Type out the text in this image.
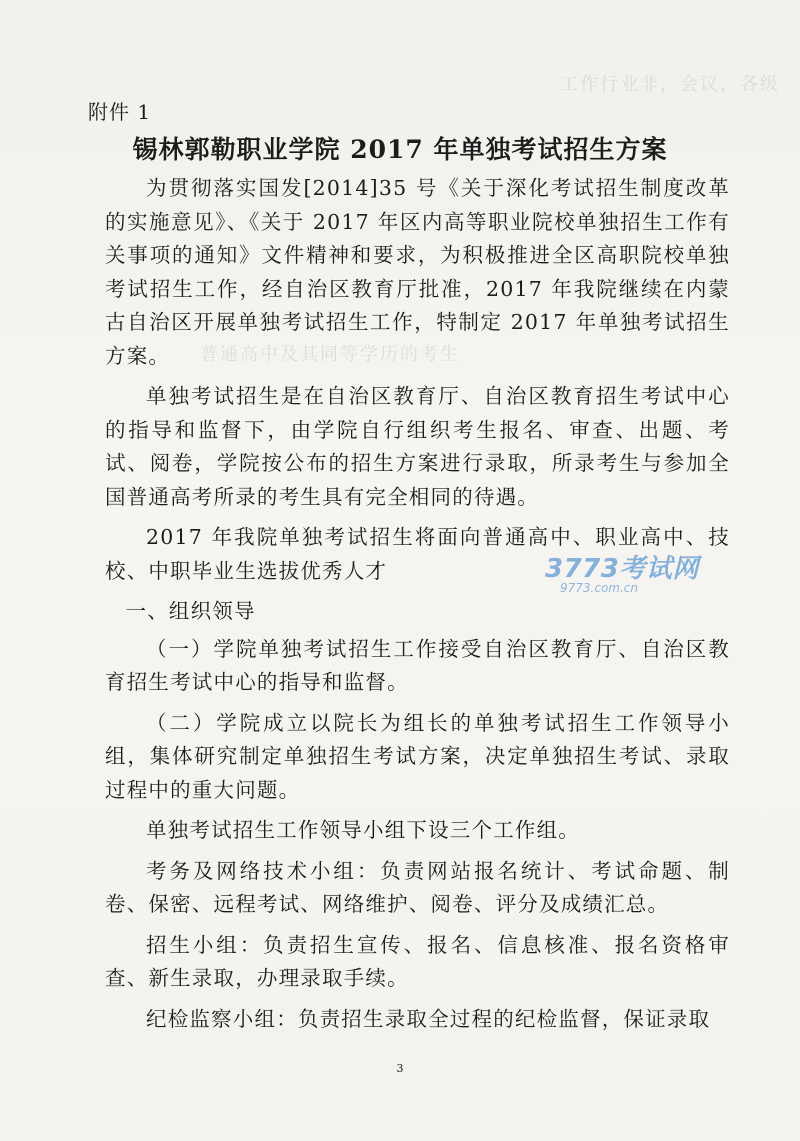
工作行业非，会议，各级
普通高中及其同等学历的考生
附件 1
锡林郭勒职业学院 2017 年单独考试招生方案

为贯彻落实国发[2014]35 号《关于深化考试招生制度改革的实施意见》、《关于 2017 年区内高等职业院校单独招生工作有关事项的通知》文件精神和要求，为积极推进全区高职院校单独考试招生工作，经自治区教育厅批准，2017 年我院继续在内蒙古自治区开展单独考试招生工作，特制定 2017 年单独考试招生方案。

单独考试招生是在自治区教育厅、自治区教育招生考试中心的指导和监督下，由学院自行组织考生报名、审查、出题、考试、阅卷，学院按公布的招生方案进行录取，所录考生与参加全国普通高考所录的考生具有完全相同的待遇。

2017 年我院单独考试招生将面向普通高中、职业高中、技校、中职毕业生选拔优秀人才

一、组织领导

（一）学院单独考试招生工作接受自治区教育厅、自治区教育招生考试中心的指导和监督。

（二）学院成立以院长为组长的单独考试招生工作领导小组，集体研究制定单独招生考试方案，决定单独招生考试、录取过程中的重大问题。

单独考试招生工作领导小组下设三个工作组。

考务及网络技术小组：负责网站报名统计、考试命题、制卷、保密、远程考试、网络维护、阅卷、评分及成绩汇总。

招生小组：负责招生宣传、报名、信息核准、报名资格审查、新生录取，办理录取手续。

纪检监察小组：负责招生录取全过程的纪检监督，保证录取

3773考试网
9773.com.cn
3
